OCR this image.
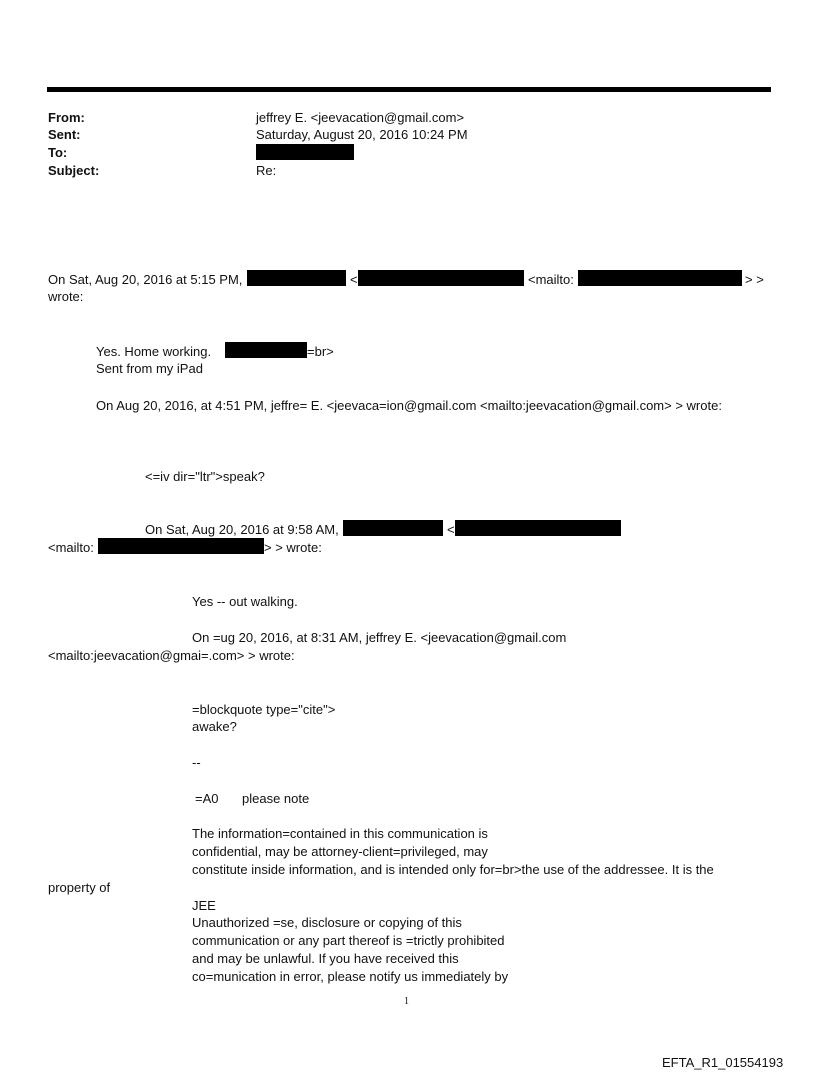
From:	jeffrey E. <jeevacation@gmail.com>
Sent:	Saturday, August 20, 2016 10:24 PM
To:
Subject:	Re:
On Sat, Aug 20, 2016 at 5:15 PM,	<	<mailto:	> >
wrote:
Yes. Home working.	=br>
Sent from my iPad
On Aug 20, 2016, at 4:51 PM, jeffre= E. <jeevaca=ion@gmail.com <mailto:jeevacation@gmail.com> > wrote:
<=iv dir="ltr">speak?
On Sat, Aug 20, 2016 at 9:58 AM,	<
<mailto:	> > wrote:
Yes -- out walking.
On =ug 20, 2016, at 8:31 AM, jeffrey E. <jeevacation@gmail.com
<mailto:jeevacation@gmai=.com> > wrote:
=blockquote type="cite">
awake?
--
=A0 please note
The information=contained in this communication is
confidential, may be attorney-client=privileged, may
constitute inside information, and is intended only for=br>the use of the addressee. It is the
property of
JEE
Unauthorized =se, disclosure or copying of this
communication or any part thereof is =trictly prohibited
and may be unlawful. If you have received this
co=munication in error, please notify us immediately by
1
EFTA_R1_01554193
